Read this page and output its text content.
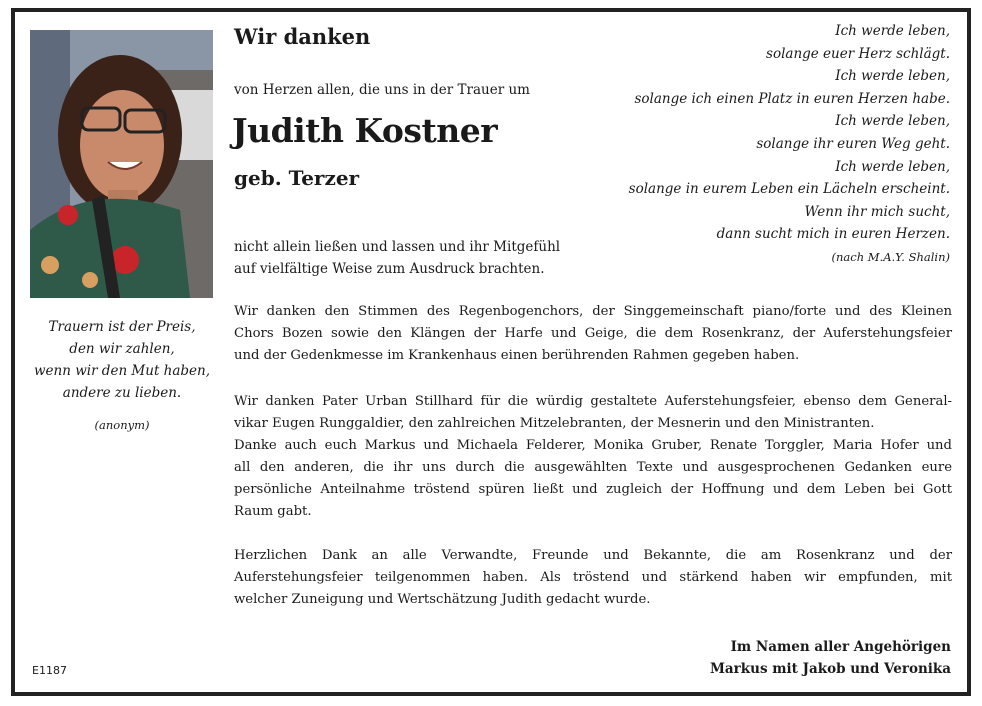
Wir danken
von Herzen allen, die uns in der Trauer um
Judith Kostner
geb. Terzer
nicht allein ließen und lassen und ihr Mitgefühl
auf vielfältige Weise zum Ausdruck brachten.
Ich werde leben,
solange euer Herz schlägt.
Ich werde leben,
solange ich einen Platz in euren Herzen habe.
Ich werde leben,
solange ihr euren Weg geht.
Ich werde leben,
solange in eurem Leben ein Lächeln erscheint.
Wenn ihr mich sucht,
dann sucht mich in euren Herzen.
(nach M.A.Y. Shalin)
Trauern ist der Preis,
den wir zahlen,
wenn wir den Mut haben,
andere zu lieben.
(anonym)
Wir danken den Stimmen des Regenbogenchors, der Singgemeinschaft piano/forte und des Kleinen
Chors Bozen sowie den Klängen der Harfe und Geige, die dem Rosenkranz, der Auferstehungsfeier
und der Gedenkmesse im Krankenhaus einen berührenden Rahmen gegeben haben.
Wir danken Pater Urban Stillhard für die würdig gestaltete Auferstehungsfeier, ebenso dem General-
vikar Eugen Runggaldier, den zahlreichen Mitzelebranten, der Mesnerin und den Ministranten.
Danke auch euch Markus und Michaela Felderer, Monika Gruber, Renate Torggler, Maria Hofer und
all den anderen, die ihr uns durch die ausgewählten Texte und ausgesprochenen Gedanken eure
persönliche Anteilnahme tröstend spüren ließt und zugleich der Hoffnung und dem Leben bei Gott
Raum gabt.
Herzlichen Dank an alle Verwandte, Freunde und Bekannte, die am Rosenkranz und der
Auferstehungsfeier teilgenommen haben. Als tröstend und stärkend haben wir empfunden, mit
welcher Zuneigung und Wertschätzung Judith gedacht wurde.
Im Namen aller Angehörigen
Markus mit Jakob und Veronika
E1187
